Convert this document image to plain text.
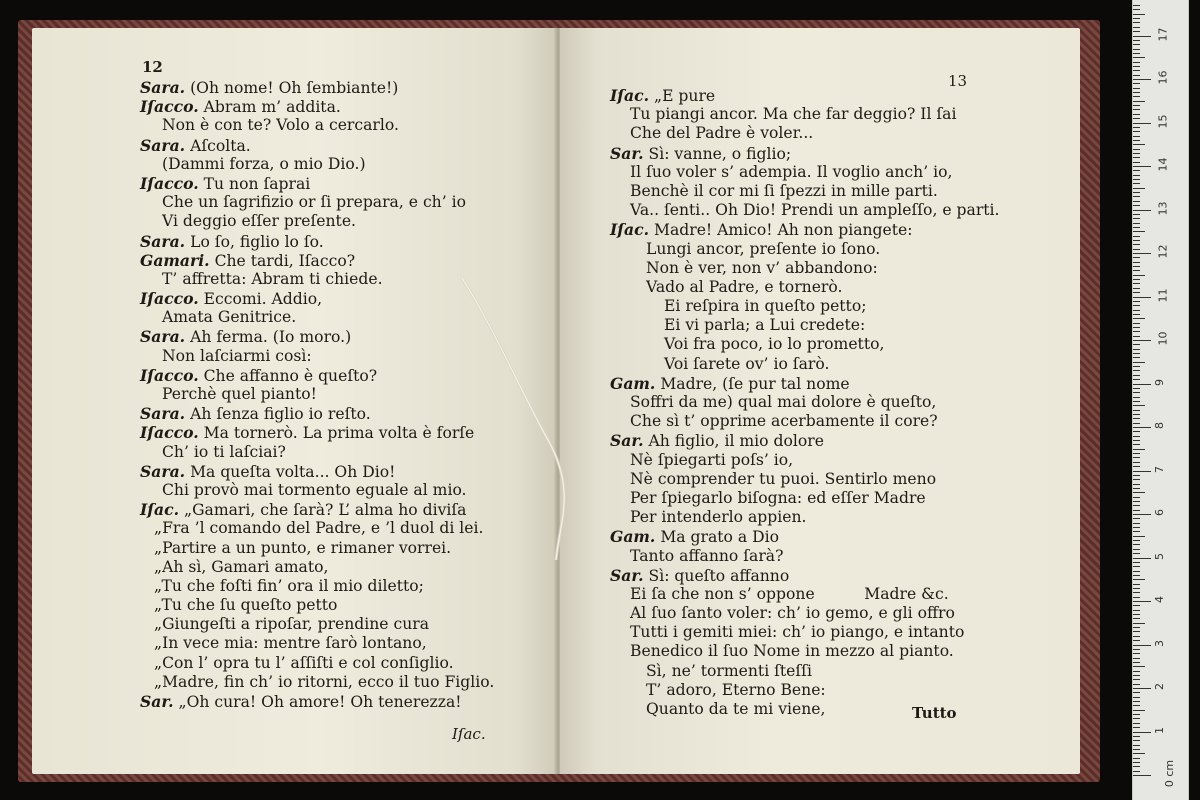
12
Sara. (Oh nome! Oh ſembiante!)
Iſacco. Abram m’ addita.
Non è con te? Volo a cercarlo.
Sara. Aſcolta.
(Dammi forza, o mio Dio.)
Iſacco. Tu non ſaprai
Che un ſagrifizio or ſi prepara, e ch’ io
Vi deggio eſſer preſente.
Sara. Lo ſo, figlio lo ſo.
Gamari. Che tardi, Iſacco?
T’ affretta: Abram ti chiede.
Iſacco. Eccomi. Addio,
Amata Genitrice.
Sara. Ah ferma. (Io moro.)
Non laſciarmi così:
Iſacco. Che affanno è queſto?
Perchè quel pianto!
Sara. Ah ſenza figlio io reſto.
Iſacco. Ma tornerò. La prima volta è forſe
Ch’ io ti laſciai?
Sara. Ma queſta volta... Oh Dio!
Chi provò mai tormento eguale al mio.
Iſac. „Gamari, che ſarà? L’ alma ho diviſa
„Fra ’l comando del Padre, e ’l duol di lei.
„Partire a un punto, e rimaner vorrei.
„Ah sì, Gamari amato,
„Tu che foſti fin’ ora il mio diletto;
„Tu che ſu queſto petto
„Giungeſti a ripoſar, prendine cura
„In vece mia: mentre ſarò lontano,
„Con l’ opra tu l’ aſſiſti e col conſiglio.
„Madre, fin ch’ io ritorni, ecco il tuo Figlio.
Sar. „Oh cura! Oh amore! Oh tenerezza!
Iſac.
13
Iſac. „E pure
Tu piangi ancor. Ma che far deggio? Il ſai
Che del Padre è voler...
Sar. Sì: vanne, o figlio;
Il ſuo voler s’ adempia. Il voglio anch’ io,
Benchè il cor mi ſi ſpezzi in mille parti.
Va.. ſenti.. Oh Dio! Prendi un ampleſſo, e parti.
Iſac. Madre! Amico! Ah non piangete:
Lungi ancor, preſente io ſono.
Non è ver, non v’ abbandono:
Vado al Padre, e tornerò.
Ei reſpira in queſto petto;
Ei vi parla; a Lui credete:
Voi fra poco, io lo prometto,
Voi ſarete ov’ io ſarò.
Gam. Madre, (ſe pur tal nome
Soffri da me) qual mai dolore è queſto,
Che sì t’ opprime acerbamente il core?
Sar. Ah figlio, il mio dolore
Nè ſpiegarti poſs’ io,
Nè comprender tu puoi. Sentirlo meno
Per ſpiegarlo biſogna: ed eſſer Madre
Per intenderlo appien.
Gam. Ma grato a Dio
Tanto affanno ſarà?
Sar. Sì: queſto affanno
Ei ſa che non s’ oppone          Madre &c.
Al ſuo ſanto voler: ch’ io gemo, e gli offro
Tutti i gemiti miei: ch’ io piango, e intanto
Benedico il ſuo Nome in mezzo al pianto.
Sì, ne’ tormenti ſteſſi
T’ adoro, Eterno Bene:
Quanto da te mi viene,	Tutto
0 cm
1
2
3
4
5
6
7
8
9
10
11
12
13
14
15
16
17
